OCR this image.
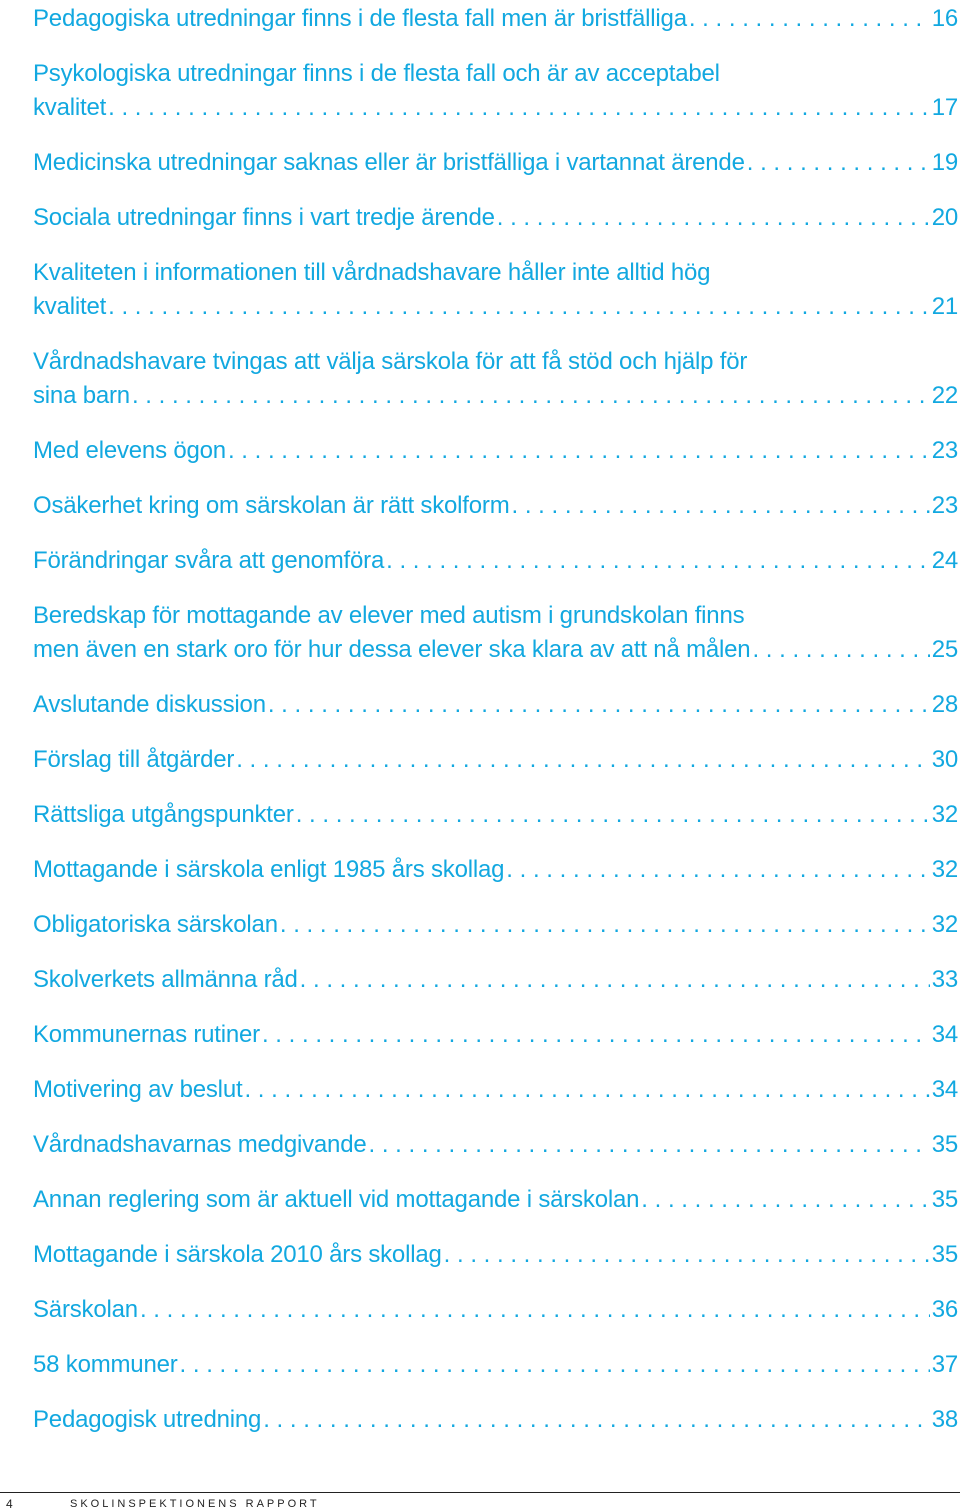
Pedagogiska utredningar finns i de flesta fall men är bristfälliga . . .	16
Psykologiska utredningar finns i de flesta fall och är av acceptabel
kvalitet . . .	17
Medicinska utredningar saknas eller är bristfälliga i vartannat ärende . . .	19
Sociala utredningar finns i vart tredje ärende . . .	20
Kvaliteten i informationen till vårdnadshavare håller inte alltid hög
kvalitet . . .	21
Vårdnadshavare tvingas att välja särskola för att få stöd och hjälp för
sina barn . . .	22
Med elevens ögon . . .	23
Osäkerhet kring om särskolan är rätt skolform . . .	23
Förändringar svåra att genomföra . . .	24
Beredskap för mottagande av elever med autism i grundskolan finns
men även en stark oro för hur dessa elever ska klara av att nå målen . . .	25
Avslutande diskussion . . .	28
Förslag till åtgärder . . .	30
Rättsliga utgångspunkter . . .	32
Mottagande i särskola enligt 1985 års skollag . . .	32
Obligatoriska särskolan . . .	32
Skolverkets allmänna råd . . .	33
Kommunernas rutiner . . .	34
Motivering av beslut . . .	34
Vårdnadshavarnas medgivande . . .	35
Annan reglering som är aktuell vid mottagande i särskolan . . .	35
Mottagande i särskola 2010 års skollag . . .	35
Särskolan . . .	36
58 kommuner . . .	37
Pedagogisk utredning . . .	38
4	SKOLINSPEKTIONENS RAPPORT
